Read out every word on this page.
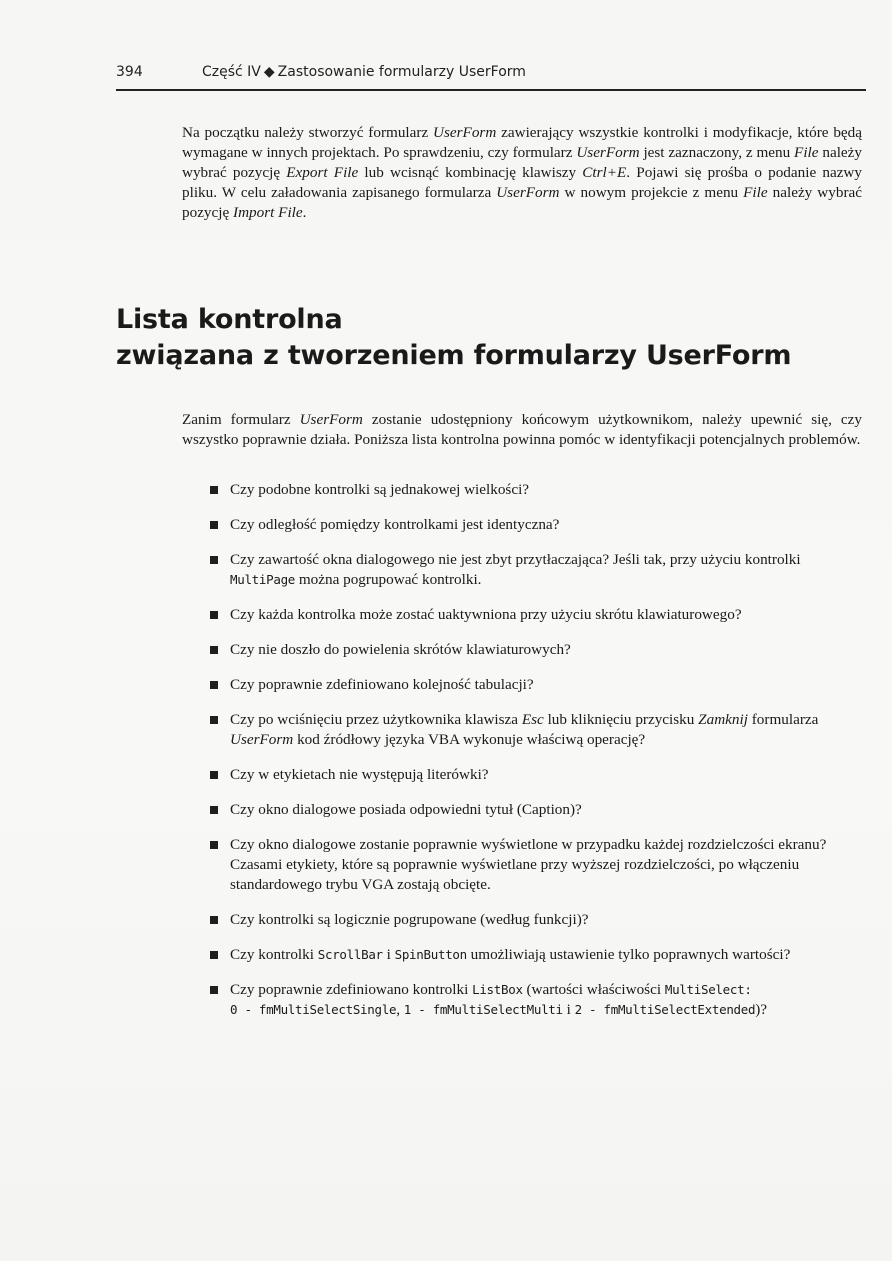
394	Część IV ◆ Zastosowanie formularzy UserForm

Na początku należy stworzyć formularz UserForm zawierający wszystkie kontrolki i modyfikacje, które będą wymagane w innych projektach. Po sprawdzeniu, czy formularz UserForm jest zaznaczony, z menu File należy wybrać pozycję Export File lub wcisnąć kombinację klawiszy Ctrl+E. Pojawi się prośba o podanie nazwy pliku. W celu załadowania zapisanego formularza UserForm w nowym projekcie z menu File należy wybrać pozycję Import File.

Lista kontrolna
związana z tworzeniem formularzy UserForm
Zanim formularz UserForm zostanie udostępniony końcowym użytkownikom, należy upewnić się, czy wszystko poprawnie działa. Poniższa lista kontrolna powinna pomóc w identyfikacji potencjalnych problemów.
Czy podobne kontrolki są jednakowej wielkości?
Czy odległość pomiędzy kontrolkami jest identyczna?
Czy zawartość okna dialogowego nie jest zbyt przytłaczająca? Jeśli tak, przy użyciu kontrolki MultiPage można pogrupować kontrolki.
Czy każda kontrolka może zostać uaktywniona przy użyciu skrótu klawiaturowego?
Czy nie doszło do powielenia skrótów klawiaturowych?
Czy poprawnie zdefiniowano kolejność tabulacji?
Czy po wciśnięciu przez użytkownika klawisza Esc lub kliknięciu przycisku Zamknij formularza UserForm kod źródłowy języka VBA wykonuje właściwą operację?
Czy w etykietach nie występują literówki?
Czy okno dialogowe posiada odpowiedni tytuł (Caption)?
Czy okno dialogowe zostanie poprawnie wyświetlone w przypadku każdej rozdzielczości ekranu? Czasami etykiety, które są poprawnie wyświetlane przy wyższej rozdzielczości, po włączeniu standardowego trybu VGA zostają obcięte.
Czy kontrolki są logicznie pogrupowane (według funkcji)?
Czy kontrolki ScrollBar i SpinButton umożliwiają ustawienie tylko poprawnych wartości?
Czy poprawnie zdefiniowano kontrolki ListBox (wartości właściwości MultiSelect:
0 - fmMultiSelectSingle, 1 - fmMultiSelectMulti i 2 - fmMultiSelectExtended)?
